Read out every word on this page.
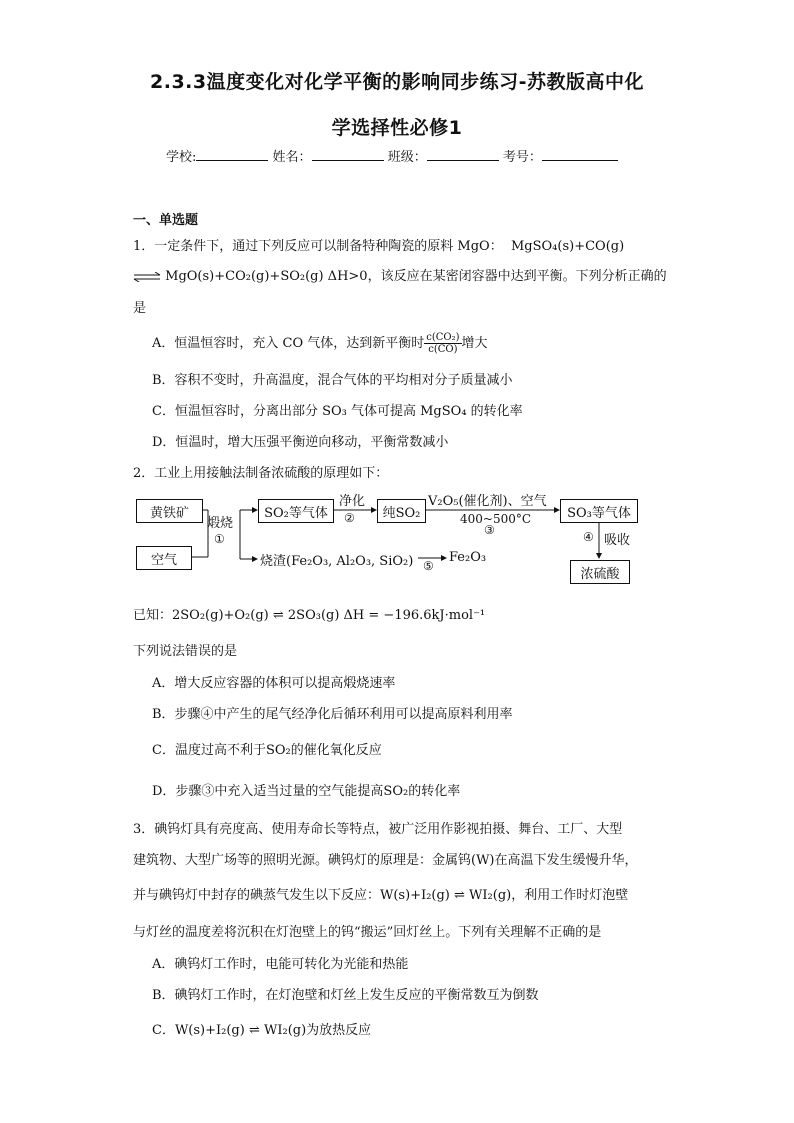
2.3.3温度变化对化学平衡的影响同步练习-苏教版高中化
学选择性必修1
学校:	姓名：	班级：	考号：
一、单选题
1．一定条件下，通过下列反应可以制备特种陶瓷的原料 MgO： MgSO₄(s)+CO(g)
⇌ MgO(s)+CO₂(g)+SO₂(g) ΔH>0，该反应在某密闭容器中达到平衡。下列分析正确的
是
A．恒温恒容时，充入 CO 气体，达到新平衡时 $\frac{\text{c(CO₂)}}{c(CO)}$ 增大
B．容积不变时，升高温度，混合气体的平均相对分子质量减小
C．恒温恒容时，分离出部分 SO₃ 气体可提高 MgSO₄ 的转化率
D．恒温时，增大压强平衡逆向移动，平衡常数减小
2．工业上用接触法制备浓硫酸的原理如下：
黄铁矿
空气
煅烧
①
SO₂等气体
净化
② 纯SO₂
V₂O₅(催化剂)、空气
400~500°C
③
SO₃等气体
④ 吸收
浓硫酸
烧渣(Fe₂O₃, Al₂O₃, SiO₂) ⑤
Fe₂O₃
已知：2SO₂(g)+O₂(g) ⇌ 2SO₃(g) ΔH = −196.6kJ·mol⁻¹
下列说法错误的是
A．增大反应容器的体积可以提高煅烧速率
B．步骤④中产生的尾气经净化后循环利用可以提高原料利用率
C．温度过高不利于SO₂的催化氧化反应
D．步骤③中充入适当过量的空气能提高SO₂的转化率
3．碘钨灯具有亮度高、使用寿命长等特点，被广泛用作影视拍摄、舞台、工厂、大型
建筑物、大型广场等的照明光源。碘钨灯的原理是：金属钨(W)在高温下发生缓慢升华，
并与碘钨灯中封存的碘蒸气发生以下反应：W(s)+I₂(g) ⇌ WI₂(g)，利用工作时灯泡壁
与灯丝的温度差将沉积在灯泡壁上的钨“搬运”回灯丝上。下列有关理解不正确的是
A．碘钨灯工作时，电能可转化为光能和热能
B．碘钨灯工作时，在灯泡壁和灯丝上发生反应的平衡常数互为倒数
C．W(s)+I₂(g) ⇌ WI₂(g)为放热反应
